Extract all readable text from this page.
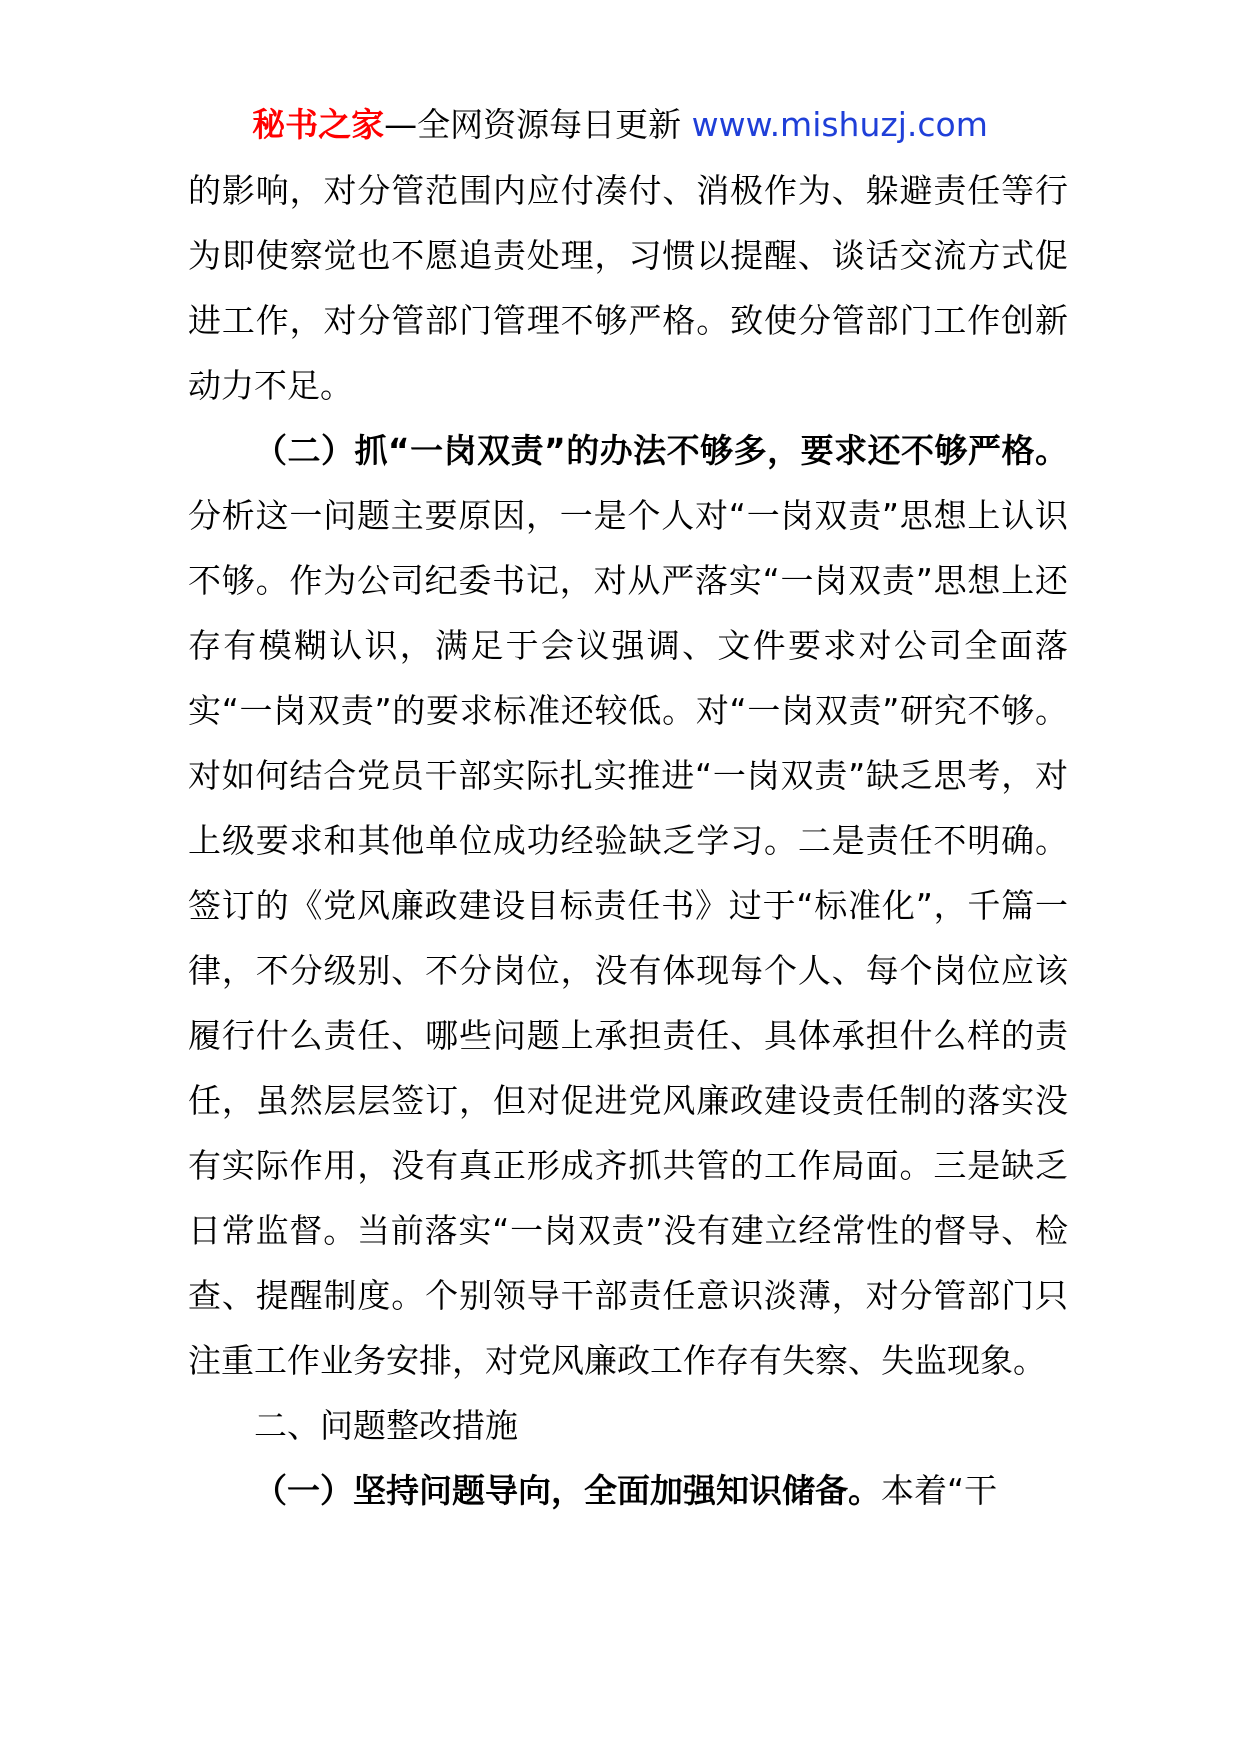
秘书之家—全网资源每日更新 www.mishuzj.com

的影响，对分管范围内应付凑付、消极作为、躲避责任等行为即使察觉也不愿追责处理，习惯以提醒、谈话交流方式促进工作，对分管部门管理不够严格。致使分管部门工作创新动力不足。

（二）抓“一岗双责”的办法不够多，要求还不够严格。分析这一问题主要原因，一是个人对“一岗双责”思想上认识不够。作为公司纪委书记，对从严落实“一岗双责”思想上还存有模糊认识，满足于会议强调、文件要求对公司全面落实“一岗双责”的要求标准还较低。对“一岗双责”研究不够。对如何结合党员干部实际扎实推进“一岗双责”缺乏思考，对上级要求和其他单位成功经验缺乏学习。二是责任不明确。签订的《党风廉政建设目标责任书》过于“标准化”，千篇一律，不分级别、不分岗位，没有体现每个人、每个岗位应该履行什么责任、哪些问题上承担责任、具体承担什么样的责任，虽然层层签订，但对促进党风廉政建设责任制的落实没有实际作用，没有真正形成齐抓共管的工作局面。三是缺乏日常监督。当前落实“一岗双责”没有建立经常性的督导、检查、提醒制度。个别领导干部责任意识淡薄，对分管部门只注重工作业务安排，对党风廉政工作存有失察、失监现象。

二、问题整改措施

（一）坚持问题导向，全面加强知识储备。本着“干
